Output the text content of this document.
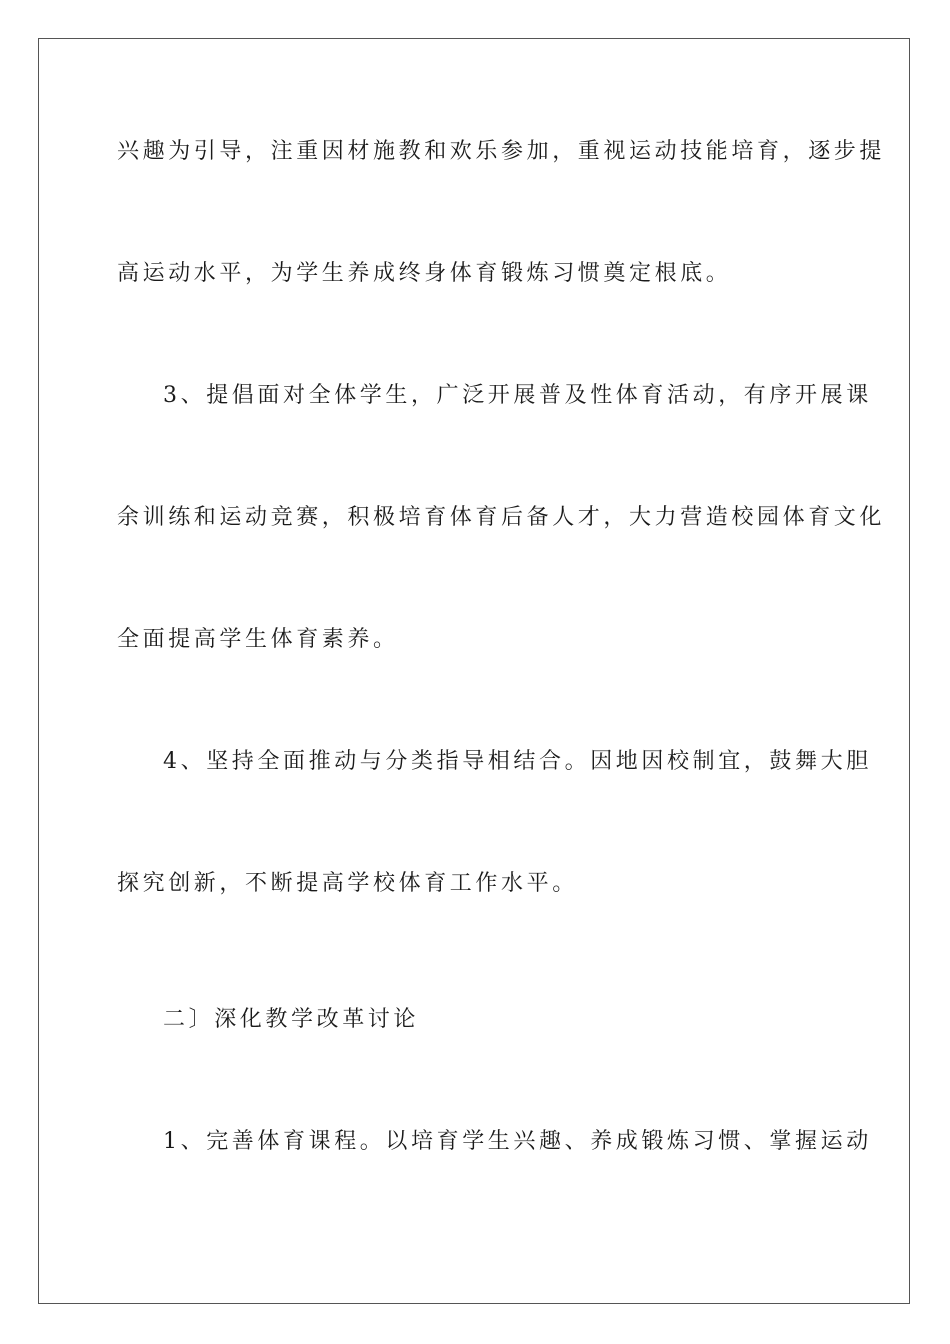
兴趣为引导，注重因材施教和欢乐参加，重视运动技能培育，逐步提

高运动水平，为学生养成终身体育锻炼习惯奠定根底。

3、提倡面对全体学生，广泛开展普及性体育活动，有序开展课

余训练和运动竞赛，积极培育体育后备人才，大力营造校园体育文化

全面提高学生体育素养。

4、坚持全面推动与分类指导相结合。因地因校制宜，鼓舞大胆

探究创新，不断提高学校体育工作水平。

二〕深化教学改革讨论

1、完善体育课程。以培育学生兴趣、养成锻炼习惯、掌握运动
